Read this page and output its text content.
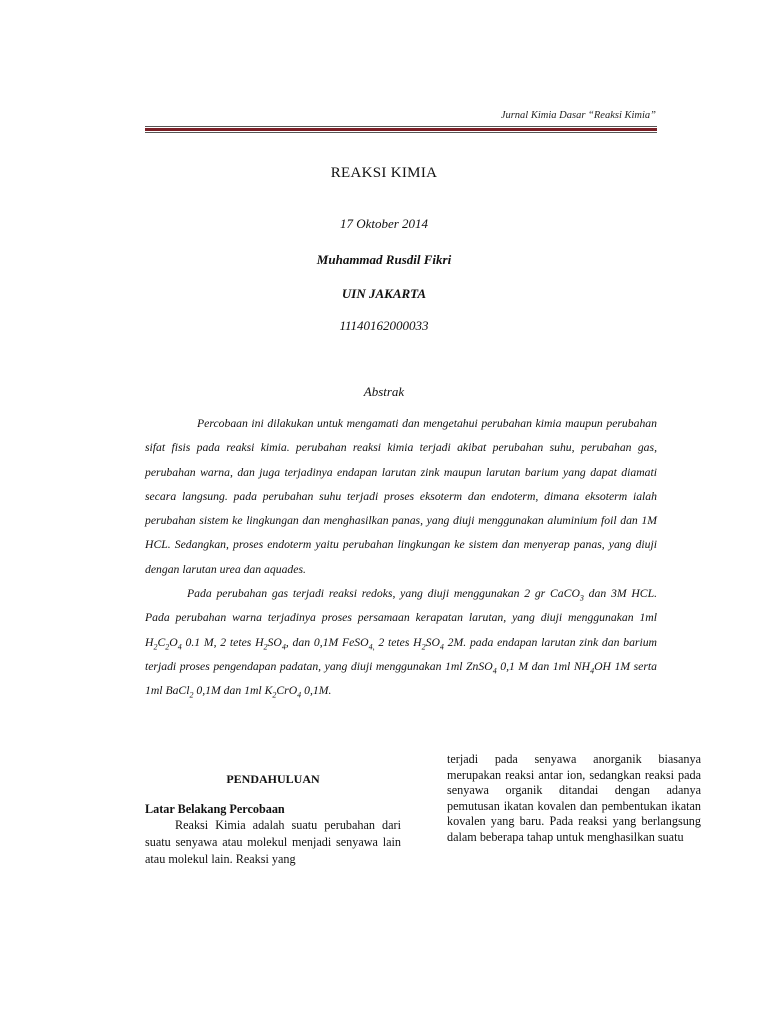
Jurnal Kimia Dasar “Reaksi Kimia”
REAKSI KIMIA
17 Oktober 2014
Muhammad Rusdil Fikri
UIN JAKARTA
11140162000033
Abstrak

Percobaan ini dilakukan untuk mengamati dan mengetahui perubahan kimia maupun perubahan sifat fisis pada reaksi kimia. perubahan reaksi kimia terjadi akibat perubahan suhu, perubahan gas, perubahan warna, dan juga terjadinya endapan larutan zink maupun larutan barium yang dapat diamati secara langsung. pada perubahan suhu terjadi proses eksoterm dan endoterm, dimana eksoterm ialah perubahan sistem ke lingkungan dan menghasilkan panas, yang diuji menggunakan aluminium foil dan 1M HCL. Sedangkan, proses endoterm yaitu perubahan lingkungan ke sistem dan menyerap panas, yang diuji dengan larutan urea dan aquades.

Pada perubahan gas terjadi reaksi redoks, yang diuji menggunakan 2 gr CaCO$_3$ dan 3M HCL. Pada perubahan warna terjadinya proses persamaan kerapatan larutan, yang diuji menggunakan 1ml $H_2C_2O_4$ 0.1 M, 2 tetes $H_2SO_4$, dan 0,1M FeSO$_{4,}$ 2 tetes $H_2SO_4$ 2M. pada endapan larutan zink dan barium terjadi proses pengendapan padatan, yang diuji menggunakan 1ml ZnSO$_4$ 0,1 M dan 1ml $NH_4OH$ 1M serta 1ml BaCl$_2$ 0,1M dan 1ml $K_2CrO_4$ 0,1M.

PENDAHULUAN
Latar Belakang Percobaan

Reaksi Kimia adalah suatu perubahan dari suatu senyawa atau molekul menjadi senyawa lain atau molekul lain. Reaksi yang

terjadi pada senyawa anorganik biasanya merupakan reaksi antar ion, sedangkan reaksi pada senyawa organik ditandai dengan adanya pemutusan ikatan kovalen dan pembentukan ikatan kovalen yang baru. Pada reaksi yang berlangsung dalam beberapa tahap untuk menghasilkan suatu
